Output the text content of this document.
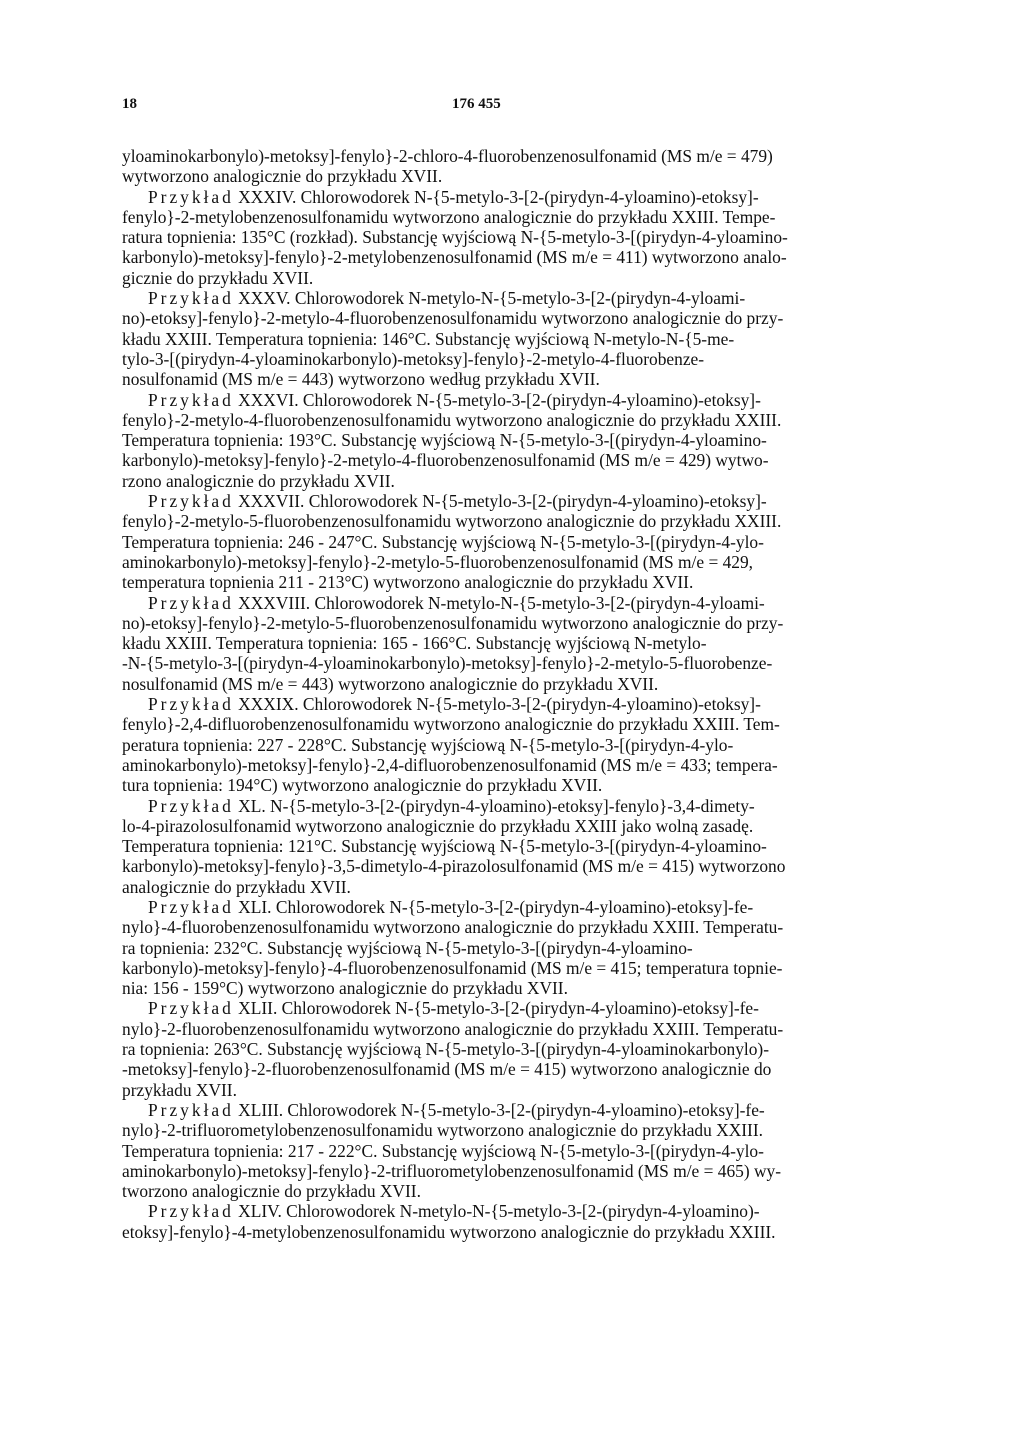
18	176 455
yloaminokarbonylo)-metoksy]-fenylo}-2-chloro-4-fluorobenzenosulfonamid (MS m/e = 479)
wytworzono analogicznie do przykładu XVII.
Przykład XXXIV. Chlorowodorek N-{5-metylo-3-[2-(pirydyn-4-yloamino)-etoksy]-
fenylo}-2-metylobenzenosulfonamidu wytworzono analogicznie do przykładu XXIII. Tempe-
ratura topnienia: 135°C (rozkład). Substancję wyjściową N-{5-metylo-3-[(pirydyn-4-yloamino-
karbonylo)-metoksy]-fenylo}-2-metylobenzenosulfonamid (MS m/e = 411) wytworzono analo-
gicznie do przykładu XVII.
Przykład XXXV. Chlorowodorek N-metylo-N-{5-metylo-3-[2-(pirydyn-4-yloami-
no)-etoksy]-fenylo}-2-metylo-4-fluorobenzenosulfonamidu wytworzono analogicznie do przy-
kładu XXIII. Temperatura topnienia: 146°C. Substancję wyjściową N-metylo-N-{5-me-
tylo-3-[(pirydyn-4-yloaminokarbonylo)-metoksy]-fenylo}-2-metylo-4-fluorobenze-
nosulfonamid (MS m/e = 443) wytworzono według przykładu XVII.
Przykład XXXVI. Chlorowodorek N-{5-metylo-3-[2-(pirydyn-4-yloamino)-etoksy]-
fenylo}-2-metylo-4-fluorobenzenosulfonamidu wytworzono analogicznie do przykładu XXIII.
Temperatura topnienia: 193°C. Substancję wyjściową N-{5-metylo-3-[(pirydyn-4-yloamino-
karbonylo)-metoksy]-fenylo}-2-metylo-4-fluorobenzenosulfonamid (MS m/e = 429) wytwo-
rzono analogicznie do przykładu XVII.
Przykład XXXVII. Chlorowodorek N-{5-metylo-3-[2-(pirydyn-4-yloamino)-etoksy]-
fenylo}-2-metylo-5-fluorobenzenosulfonamidu wytworzono analogicznie do przykładu XXIII.
Temperatura topnienia: 246 - 247°C. Substancję wyjściową N-{5-metylo-3-[(pirydyn-4-ylo-
aminokarbonylo)-metoksy]-fenylo}-2-metylo-5-fluorobenzenosulfonamid (MS m/e = 429,
temperatura topnienia 211 - 213°C) wytworzono analogicznie do przykładu XVII.
Przykład XXXVIII. Chlorowodorek N-metylo-N-{5-metylo-3-[2-(pirydyn-4-yloami-
no)-etoksy]-fenylo}-2-metylo-5-fluorobenzenosulfonamidu wytworzono analogicznie do przy-
kładu XXIII. Temperatura topnienia: 165 - 166°C. Substancję wyjściową N-metylo-
-N-{5-metylo-3-[(pirydyn-4-yloaminokarbonylo)-metoksy]-fenylo}-2-metylo-5-fluorobenze-
nosulfonamid (MS m/e = 443) wytworzono analogicznie do przykładu XVII.
Przykład XXXIX. Chlorowodorek N-{5-metylo-3-[2-(pirydyn-4-yloamino)-etoksy]-
fenylo}-2,4-difluorobenzenosulfonamidu wytworzono analogicznie do przykładu XXIII. Tem-
peratura topnienia: 227 - 228°C. Substancję wyjściową N-{5-metylo-3-[(pirydyn-4-ylo-
aminokarbonylo)-metoksy]-fenylo}-2,4-difluorobenzenosulfonamid (MS m/e = 433; tempera-
tura topnienia: 194°C) wytworzono analogicznie do przykładu XVII.
Przykład XL. N-{5-metylo-3-[2-(pirydyn-4-yloamino)-etoksy]-fenylo}-3,4-dimety-
lo-4-pirazolosulfonamid wytworzono analogicznie do przykładu XXIII jako wolną zasadę.
Temperatura topnienia: 121°C. Substancję wyjściową N-{5-metylo-3-[(pirydyn-4-yloamino-
karbonylo)-metoksy]-fenylo}-3,5-dimetylo-4-pirazolosulfonamid (MS m/e = 415) wytworzono
analogicznie do przykładu XVII.
Przykład XLI. Chlorowodorek N-{5-metylo-3-[2-(pirydyn-4-yloamino)-etoksy]-fe-
nylo}-4-fluorobenzenosulfonamidu wytworzono analogicznie do przykładu XXIII. Temperatu-
ra topnienia: 232°C. Substancję wyjściową N-{5-metylo-3-[(pirydyn-4-yloamino-
karbonylo)-metoksy]-fenylo}-4-fluorobenzenosulfonamid (MS m/e = 415; temperatura topnie-
nia: 156 - 159°C) wytworzono analogicznie do przykładu XVII.
Przykład XLII. Chlorowodorek N-{5-metylo-3-[2-(pirydyn-4-yloamino)-etoksy]-fe-
nylo}-2-fluorobenzenosulfonamidu wytworzono analogicznie do przykładu XXIII. Temperatu-
ra topnienia: 263°C. Substancję wyjściową N-{5-metylo-3-[(pirydyn-4-yloaminokarbonylo)-
-metoksy]-fenylo}-2-fluorobenzenosulfonamid (MS m/e = 415) wytworzono analogicznie do
przykładu XVII.
Przykład XLIII. Chlorowodorek N-{5-metylo-3-[2-(pirydyn-4-yloamino)-etoksy]-fe-
nylo}-2-trifluorometylobenzenosulfonamidu wytworzono analogicznie do przykładu XXIII.
Temperatura topnienia: 217 - 222°C. Substancję wyjściową N-{5-metylo-3-[(pirydyn-4-ylo-
aminokarbonylo)-metoksy]-fenylo}-2-trifluorometylobenzenosulfonamid (MS m/e = 465) wy-
tworzono analogicznie do przykładu XVII.
Przykład XLIV. Chlorowodorek N-metylo-N-{5-metylo-3-[2-(pirydyn-4-yloamino)-
etoksy]-fenylo}-4-metylobenzenosulfonamidu wytworzono analogicznie do przykładu XXIII.
